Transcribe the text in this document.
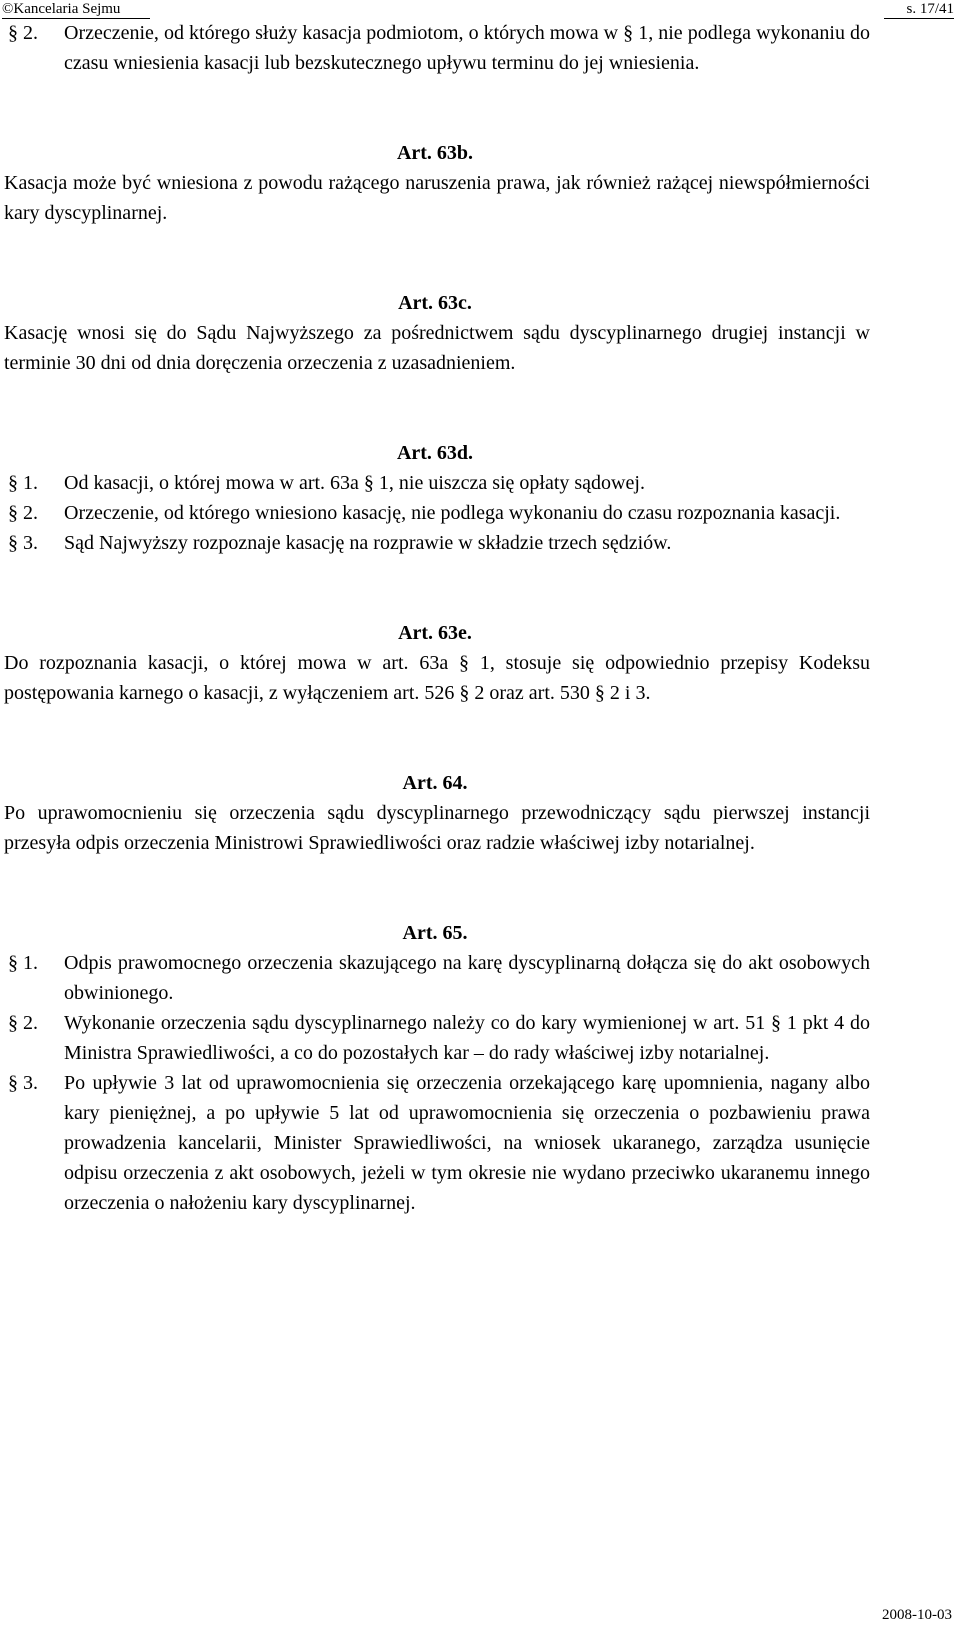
©Kancelaria Sejmu	s. 17/41
§ 2. Orzeczenie, od którego służy kasacja podmiotom, o których mowa w § 1, nie podlega wykonaniu do czasu wniesienia kasacji lub bezskutecznego upływu terminu do jej wniesienia.
Art. 63b.
Kasacja może być wniesiona z powodu rażącego naruszenia prawa, jak również rażącej niewspółmierności kary dyscyplinarnej.
Art. 63c.
Kasację wnosi się do Sądu Najwyższego za pośrednictwem sądu dyscyplinarnego drugiej instancji w terminie 30 dni od dnia doręczenia orzeczenia z uzasadnieniem.
Art. 63d.
§ 1. Od kasacji, o której mowa w art. 63a § 1, nie uiszcza się opłaty sądowej.
§ 2. Orzeczenie, od którego wniesiono kasację, nie podlega wykonaniu do czasu rozpoznania kasacji.
§ 3. Sąd Najwyższy rozpoznaje kasację na rozprawie w składzie trzech sędziów.
Art. 63e.
Do rozpoznania kasacji, o której mowa w art. 63a § 1, stosuje się odpowiednio przepisy Kodeksu postępowania karnego o kasacji, z wyłączeniem art. 526 § 2 oraz art. 530 § 2 i 3.
Art. 64.
Po uprawomocnieniu się orzeczenia sądu dyscyplinarnego przewodniczący sądu pierwszej instancji przesyła odpis orzeczenia Ministrowi Sprawiedliwości oraz radzie właściwej izby notarialnej.
Art. 65.
§ 1. Odpis prawomocnego orzeczenia skazującego na karę dyscyplinarną dołącza się do akt osobowych obwinionego.
§ 2. Wykonanie orzeczenia sądu dyscyplinarnego należy co do kary wymienionej w art. 51 § 1 pkt 4 do Ministra Sprawiedliwości, a co do pozostałych kar – do rady właściwej izby notarialnej.
§ 3. Po upływie 3 lat od uprawomocnienia się orzeczenia orzekającego karę upomnienia, nagany albo kary pieniężnej, a po upływie 5 lat od uprawomocnienia się orzeczenia o pozbawieniu prawa prowadzenia kancelarii, Minister Sprawiedliwości, na wniosek ukaranego, zarządza usunięcie odpisu orzeczenia z akt osobowych, jeżeli w tym okresie nie wydano przeciwko ukaranemu innego orzeczenia o nałożeniu kary dyscyplinarnej.
2008-10-03
